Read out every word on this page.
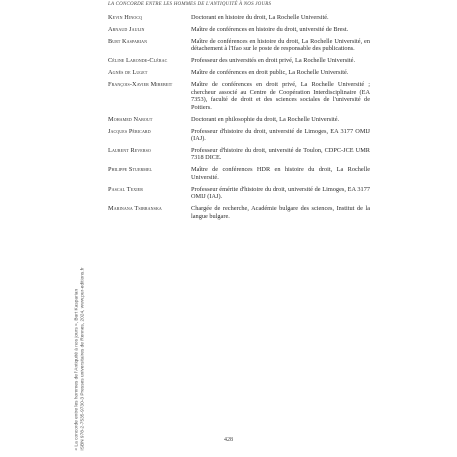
LA CONCORDE ENTRE LES HOMMES DE L'ANTIQUITÉ À NOS JOURS
Kevin Hinocq	Doctorant en histoire du droit, La Rochelle Université.
Arnaud Jaulin	Maître de conférences en histoire du droit, université de Brest.
Burt Kasparian	Maître de conférences en histoire du droit, La Rochelle Université, en détachement à l'Ifao sur le poste de responsable des publications.
Céline Laronde-Clérac	Professeur des universités en droit privé, La Rochelle Université.
Agnès de Luget	Maître de conférences en droit public, La Rochelle Université.
François-Xavier Mirebeit	Maître de conférences en droit privé, La Rochelle Université ; chercheur associé au Centre de Coopération Interdisciplinaire (EA 7353), faculté de droit et des sciences sociales de l'université de Poitiers.
Mohamed Nabout	Doctorant en philosophie du droit, La Rochelle Université.
Jacques Péricard	Professeur d'histoire du droit, université de Limoges, EA 3177 OMIJ (IAJ).
Laurent Reverso	Professeur d'histoire du droit, université de Toulon, CDPC-JCE UMR 7318 DICE.
Philippe Stuermel	Maître de conférences HDR en histoire du droit, La Rochelle Université.
Pascal Texier	Professeur émérite d'histoire du droit, université de Limoges, EA 3177 OMIJ (IAJ).
Marinana Tsibranska	Chargée de recherche, Académie bulgare des sciences, Institut de la langue bulgare.
« La concorde entre les hommes de l'Antiquité à nos jours », Burt Kasparian ISBN 978-2-7535-9730-3 Presses universitaires de Rennes, 2024, www.pur-editions.fr	428
